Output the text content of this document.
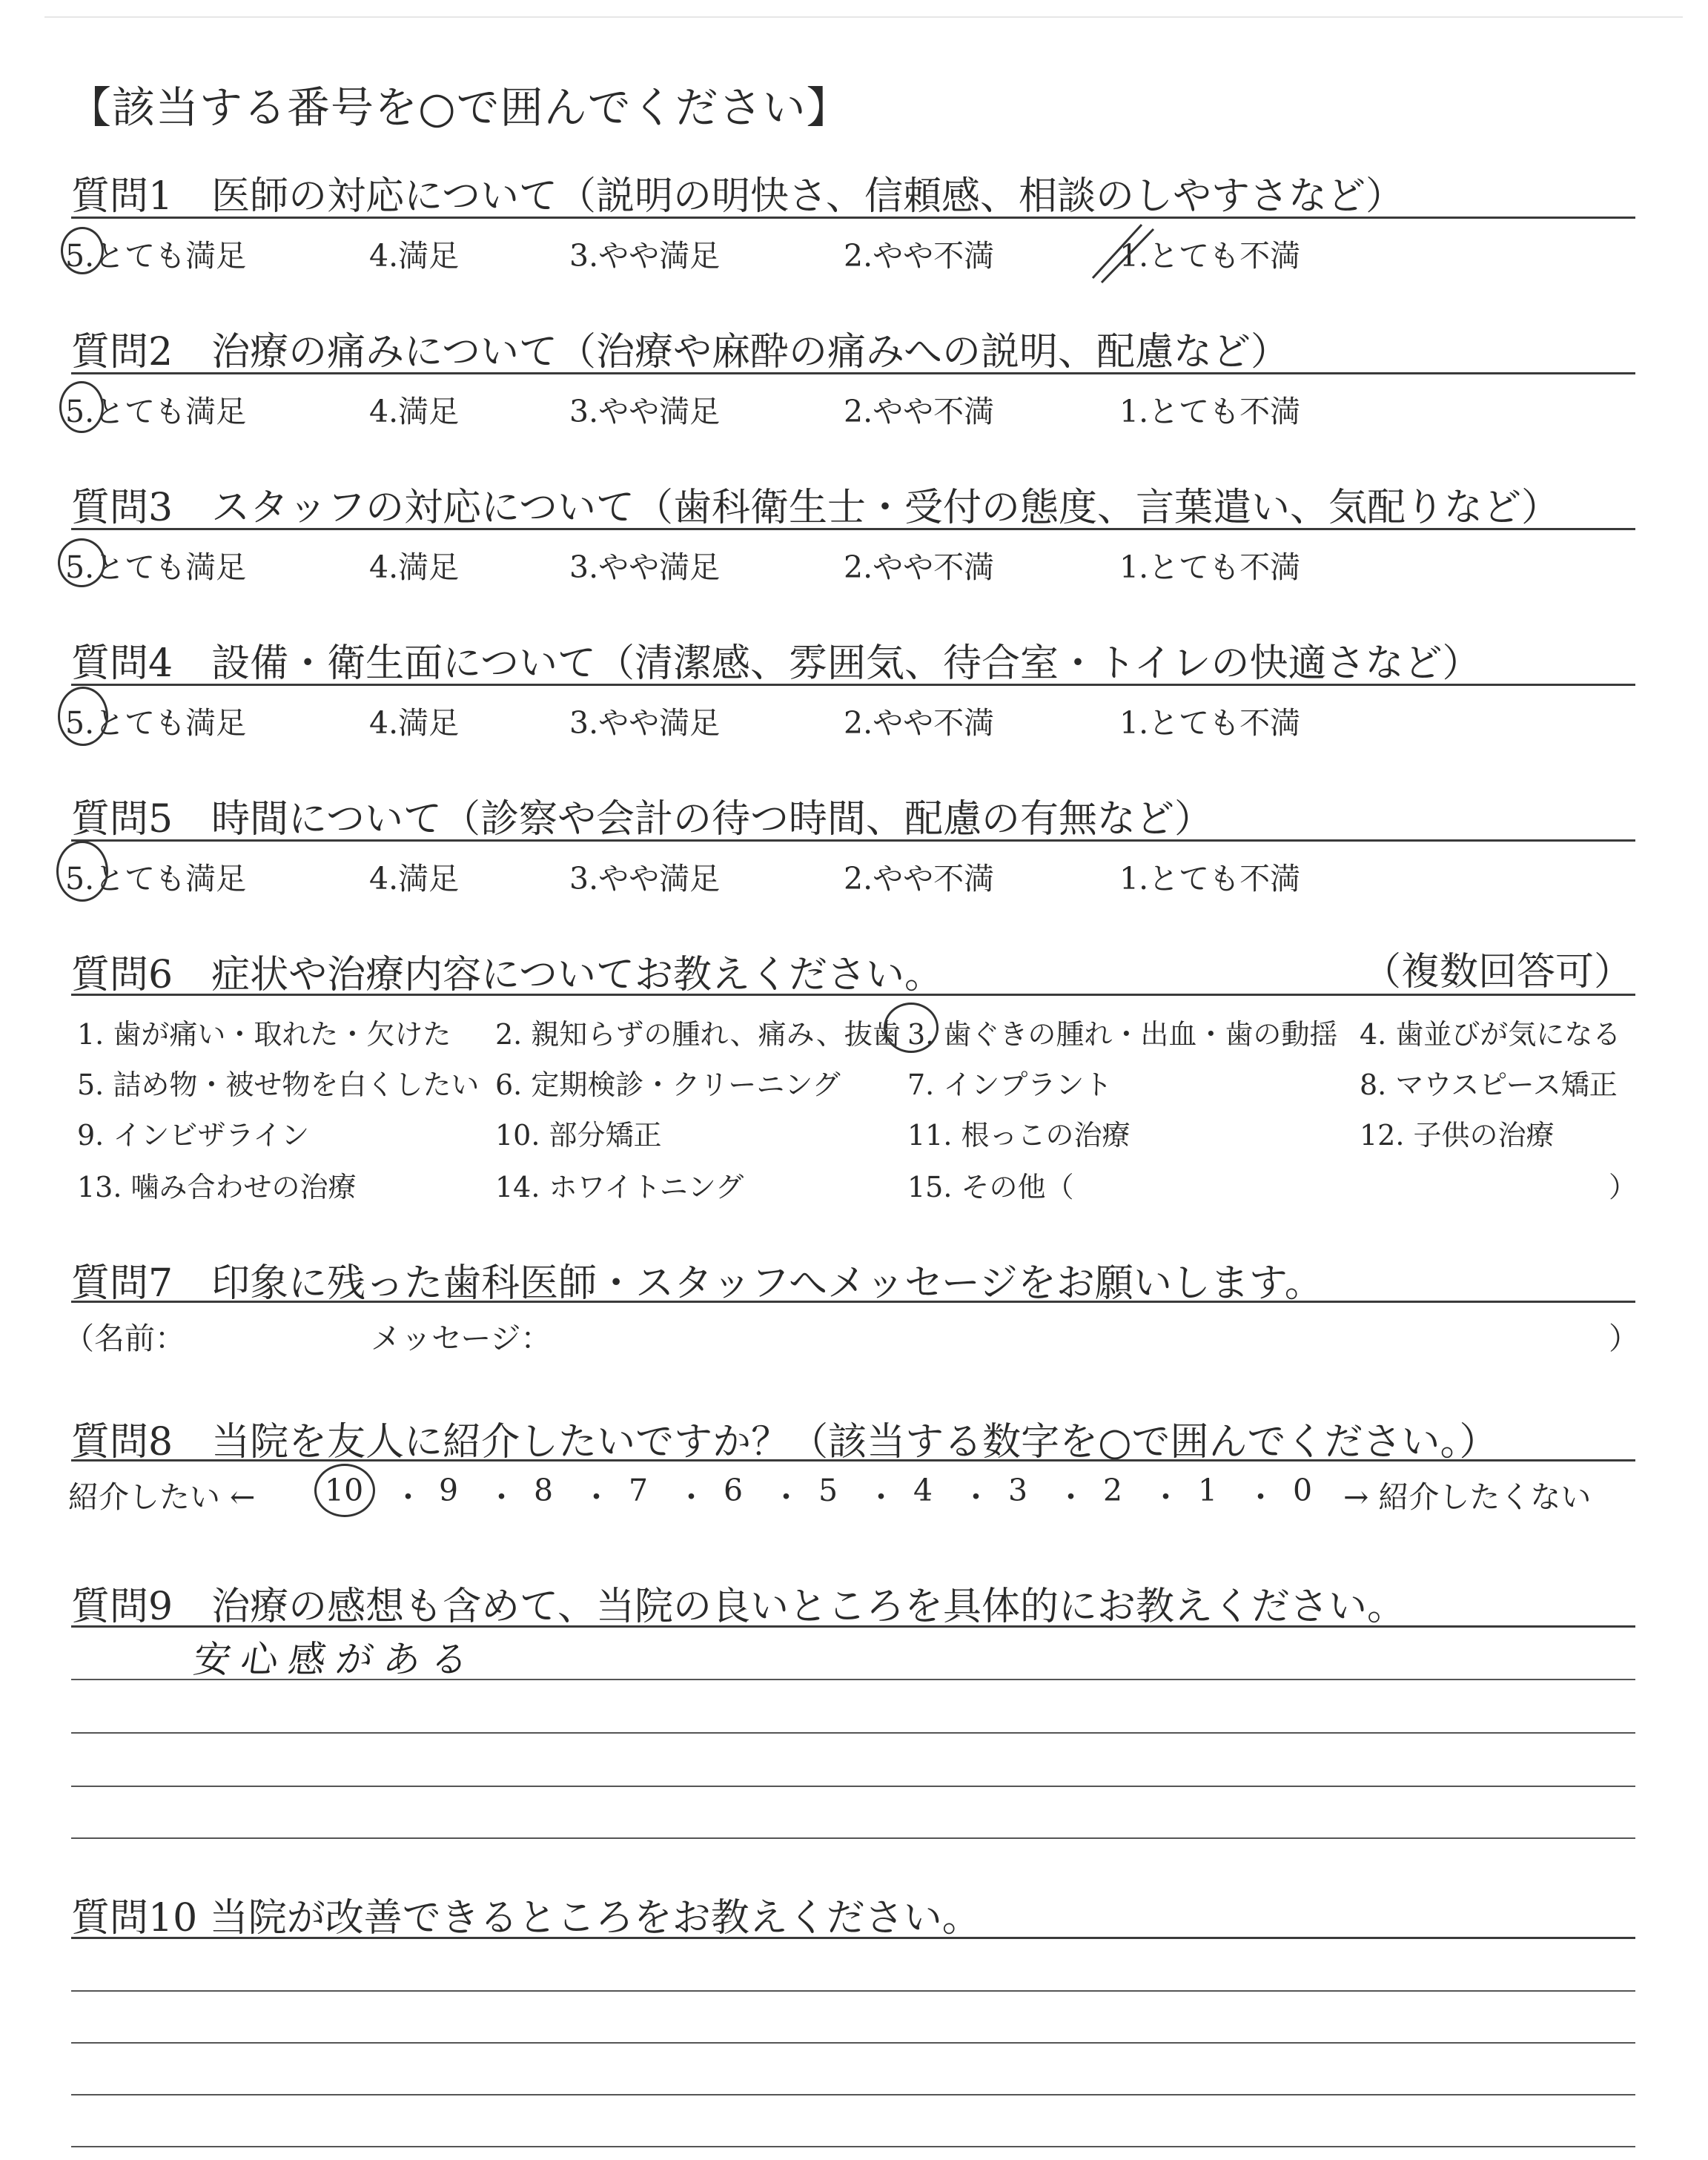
【該当する番号を○で囲んでください】
質問1　医師の対応について（説明の明快さ、信頼感、相談のしやすさなど）
5.とても満足	4.満足	3.やや満足	2.やや不満	1.とても不満
質問2　治療の痛みについて（治療や麻酔の痛みへの説明、配慮など）
5.とても満足	4.満足	3.やや満足	2.やや不満	1.とても不満
質問3　スタッフの対応について（歯科衛生士・受付の態度、言葉遣い、気配りなど）
5.とても満足	4.満足	3.やや満足	2.やや不満	1.とても不満
質問4　設備・衛生面について（清潔感、雰囲気、待合室・トイレの快適さなど）
5.とても満足	4.満足	3.やや満足	2.やや不満	1.とても不満
質問5　時間について（診察や会計の待つ時間、配慮の有無など）
5.とても満足	4.満足	3.やや満足	2.やや不満	1.とても不満
質問6　症状や治療内容についてお教えください。	（複数回答可）
1. 歯が痛い・取れた・欠けた 2. 親知らずの腫れ、痛み、抜歯 3. 歯ぐきの腫れ・出血・歯の動揺 4. 歯並びが気になる
5. 詰め物・被せ物を白くしたい 6. 定期検診・クリーニング 7. インプラント	8. マウスピース矯正
9. インビザライン	10. 部分矯正	11. 根っこの治療	12. 子供の治療
13. 噛み合わせの治療	14. ホワイトニング	15. その他（	）
質問7　印象に残った歯科医師・スタッフへメッセージをお願いします。
（名前：	メッセージ：	）
質問8　当院を友人に紹介したいですか？（該当する数字を○で囲んでください。）
紹介したい ← 10 ・ 9 ・ 8 ・ 7 ・ 6 ・ 5 ・ 4 ・ 3 ・ 2 ・ 1 ・ 0 → 紹介したくない
質問9　治療の感想も含めて、当院の良いところを具体的にお教えください。
安心感がある
質問10 当院が改善できるところをお教えください。
